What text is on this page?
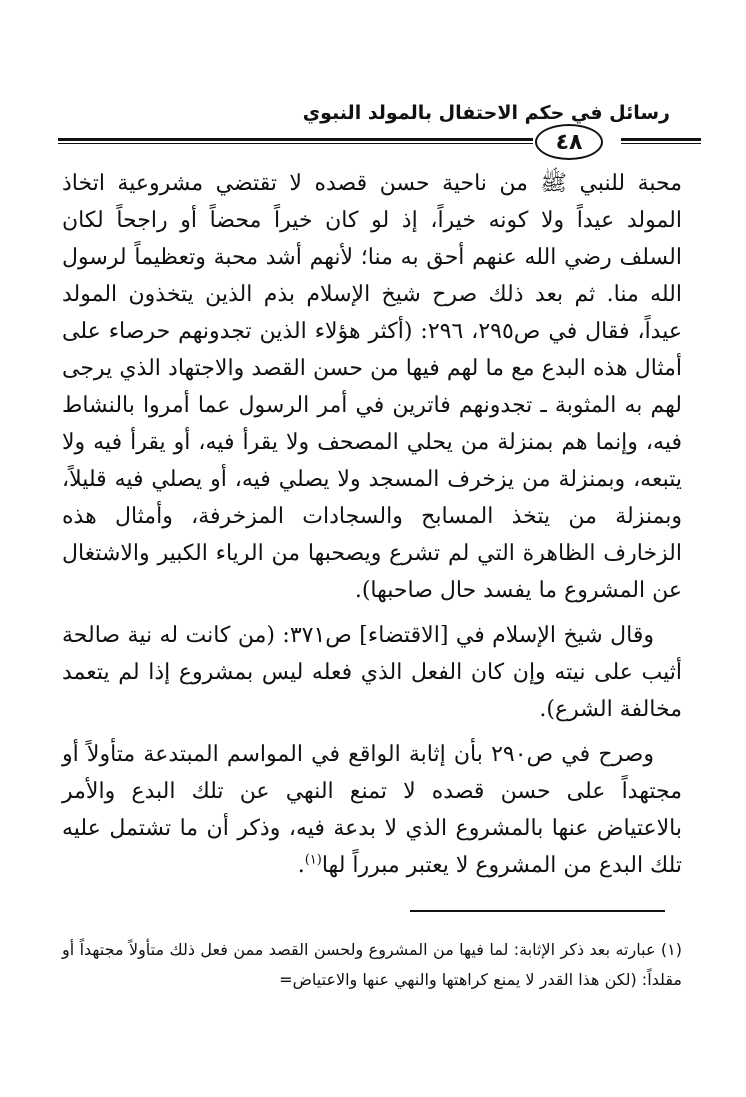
رسائل في حكم الاحتفال بالمولد النبوي
٤٨

محبة للنبي ﷺ من ناحية حسن قصده لا تقتضي مشروعية اتخاذ المولد عيداً ولا كونه خيراً، إذ لو كان خيراً محضاً أو راجحاً لكان السلف رضي الله عنهم أحق به منا؛ لأنهم أشد محبة وتعظيماً لرسول الله منا. ثم بعد ذلك صرح شيخ الإسلام بذم الذين يتخذون المولد عيداً، فقال في ص٢٩٥، ٢٩٦: (أكثر هؤلاء الذين تجدونهم حرصاء على أمثال هذه البدع مع ما لهم فيها من حسن القصد والاجتهاد الذي يرجى لهم به المثوبة ـ تجدونهم فاترين في أمر الرسول عما أمروا بالنشاط فيه، وإنما هم بمنزلة من يحلي المصحف ولا يقرأ فيه، أو يقرأ فيه ولا يتبعه، وبمنزلة من يزخرف المسجد ولا يصلي فيه، أو يصلي فيه قليلاً، وبمنزلة من يتخذ المسابح والسجادات المزخرفة، وأمثال هذه الزخارف الظاهرة التي لم تشرع ويصحبها من الرياء الكبير والاشتغال عن المشروع ما يفسد حال صاحبها).

وقال شيخ الإسلام في [الاقتضاء] ص٣٧١: (من كانت له نية صالحة أثيب على نيته وإن كان الفعل الذي فعله ليس بمشروع إذا لم يتعمد مخالفة الشرع).

وصرح في ص٢٩٠ بأن إثابة الواقع في المواسم المبتدعة متأولاً أو مجتهداً على حسن قصده لا تمنع النهي عن تلك البدع والأمر بالاعتياض عنها بالمشروع الذي لا بدعة فيه، وذكر أن ما تشتمل عليه تلك البدع من المشروع لا يعتبر مبرراً لها$^{(١)}$.

(١) عبارته بعد ذكر الإثابة: لما فيها من المشروع ولحسن القصد ممن فعل ذلك متأولاً مجتهداً أو مقلداً: (لكن هذا القدر لا يمنع كراهتها والنهي عنها والاعتياض=
